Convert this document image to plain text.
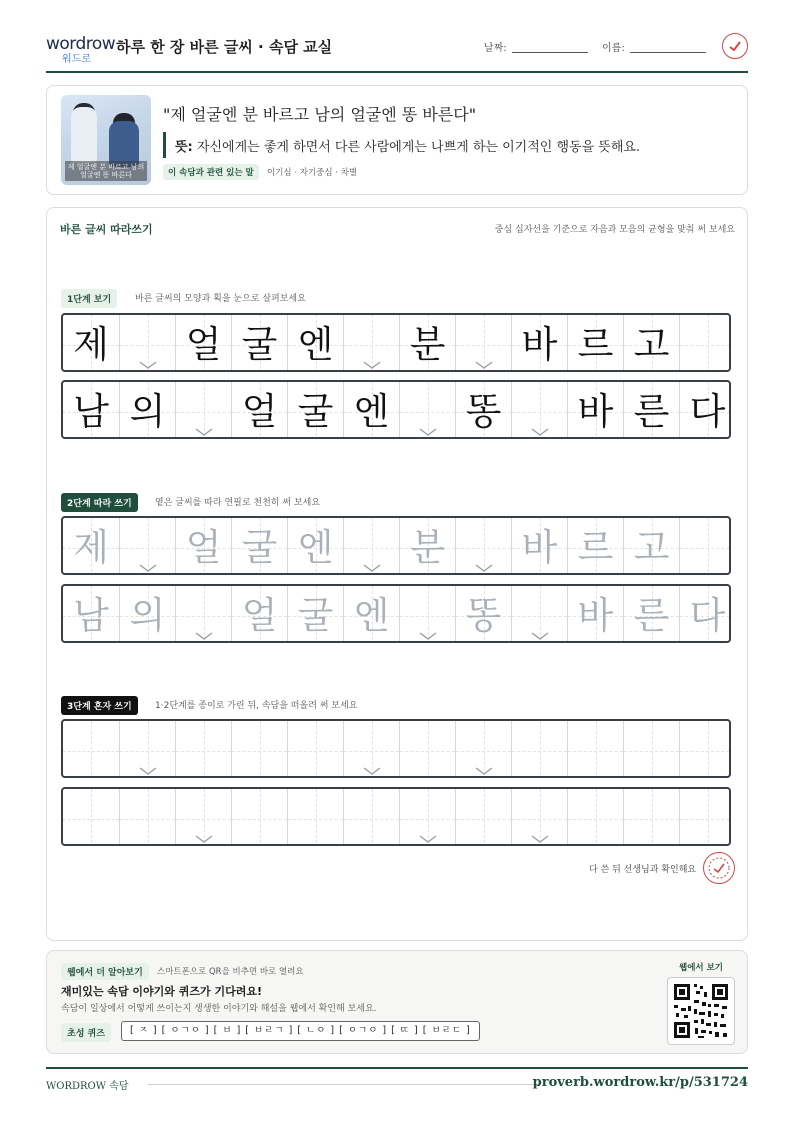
wordrow
워드로
하루 한 장 바른 글씨 · 속담 교실	날짜:	이름:
제 얼굴엔 분 바르고 남의 얼굴엔 똥 바른다
"제 얼굴엔 분 바르고 남의 얼굴엔 똥 바른다"
뜻: 자신에게는 좋게 하면서 다른 사람에게는 나쁘게 하는 이기적인 행동을 뜻해요.
이 속담과 관련 있는 말	이기심 · 자기중심 · 차별
바른 글씨 따라쓰기	중심 십자선을 기준으로 자음과 모음의 균형을 맞춰 써 보세요
1단계 보기	바른 글씨의 모양과 획을 눈으로 살펴보세요
2단계 따라 쓰기	옅은 글씨를 따라 연필로 천천히 써 보세요
3단계 혼자 쓰기	1·2단계를 종이로 가린 뒤, 속담을 떠올려 써 보세요
제 얼 굴 엔 분 바 르 고
남 의 얼 굴 엔 똥 바 른 다
제 얼 굴 엔 분 바 르 고
남 의 얼 굴 엔 똥 바 른 다
다 쓴 뒤 선생님과 확인해요
웹에서 더 알아보기	스마트폰으로 QR을 비추면 바로 열려요
재미있는 속담 이야기와 퀴즈가 기다려요!
속담이 일상에서 어떻게 쓰이는지 생생한 이야기와 해설을 웹에서 확인해 보세요.
초성 퀴즈	[ ㅈ ] [ ㅇㄱㅇ ] [ ㅂ ] [ ㅂㄹㄱ ] [ ㄴㅇ ] [ ㅇㄱㅇ ] [ ㄸ ] [ ㅂㄹㄷ ]
웹에서 보기
WORDROW 속담	proverb.wordrow.kr/p/531724
